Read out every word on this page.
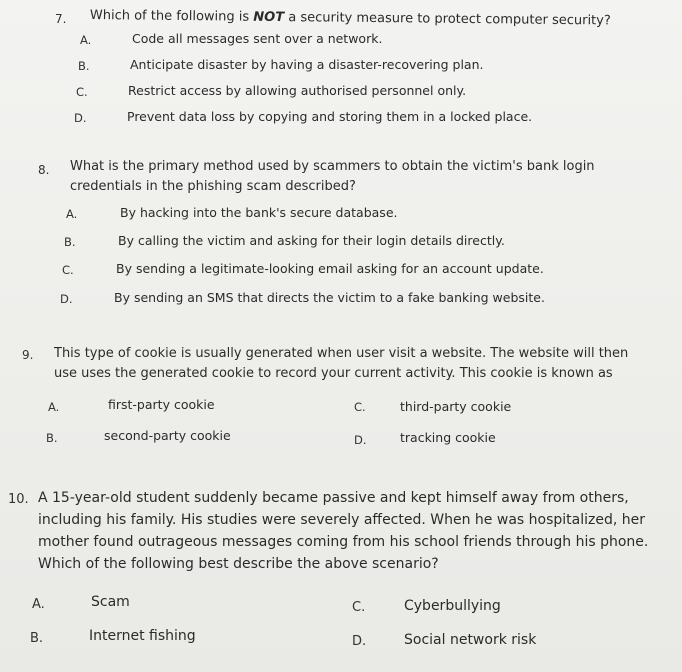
7. Which of the following is NOT a security measure to protect computer security?
A.	Code all messages sent over a network.
B.	Anticipate disaster by having a disaster-recovering plan.
C.	Restrict access by allowing authorised personnel only.
D.	Prevent data loss by copying and storing them in a locked place.
8. What is the primary method used by scammers to obtain the victim's bank login
credentials in the phishing scam described?
A.	By hacking into the bank's secure database.
B.	By calling the victim and asking for their login details directly.
C.	By sending a legitimate-looking email asking for an account update.
D.	By sending an SMS that directs the victim to a fake banking website.
9. This type of cookie is usually generated when user visit a website. The website will then
use uses the generated cookie to record your current activity. This cookie is known as
A.	first-party cookie
B.	second-party cookie
C.	third-party cookie
D.	tracking cookie
10. A 15-year-old student suddenly became passive and kept himself away from others,
including his family. His studies were severely affected. When he was hospitalized, her
mother found outrageous messages coming from his school friends through his phone.
Which of the following best describe the above scenario?
A.	Scam
B.	Internet fishing
C.	Cyberbullying
D.	Social network risk
